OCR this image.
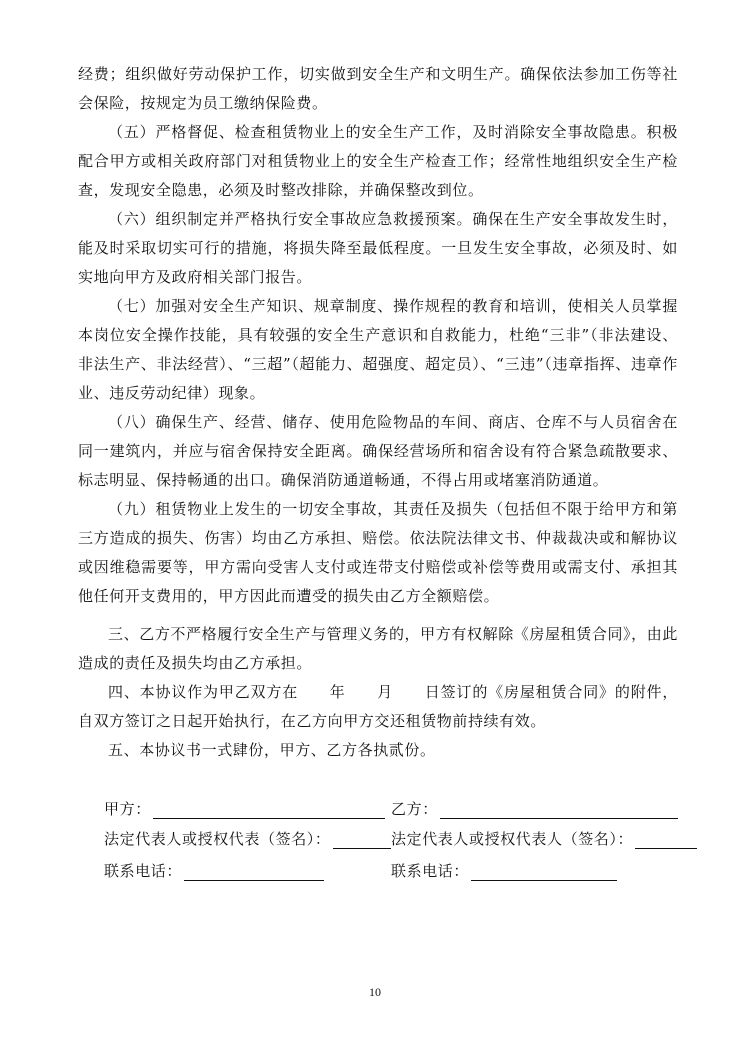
经费；组织做好劳动保护工作，切实做到安全生产和文明生产。确保依法参加工伤等社会保险，按规定为员工缴纳保险费。

（五）严格督促、检查租赁物业上的安全生产工作，及时消除安全事故隐患。积极配合甲方或相关政府部门对租赁物业上的安全生产检查工作；经常性地组织安全生产检查，发现安全隐患，必须及时整改排除，并确保整改到位。

（六）组织制定并严格执行安全事故应急救援预案。确保在生产安全事故发生时，能及时采取切实可行的措施，将损失降至最低程度。一旦发生安全事故，必须及时、如实地向甲方及政府相关部门报告。

（七）加强对安全生产知识、规章制度、操作规程的教育和培训，使相关人员掌握本岗位安全操作技能，具有较强的安全生产意识和自救能力，杜绝“三非”（非法建设、非法生产、非法经营）、“三超”（超能力、超强度、超定员）、“三违”（违章指挥、违章作业、违反劳动纪律）现象。

（八）确保生产、经营、储存、使用危险物品的车间、商店、仓库不与人员宿舍在同一建筑内，并应与宿舍保持安全距离。确保经营场所和宿舍设有符合紧急疏散要求、标志明显、保持畅通的出口。确保消防通道畅通，不得占用或堵塞消防通道。

（九）租赁物业上发生的一切安全事故，其责任及损失（包括但不限于给甲方和第三方造成的损失、伤害）均由乙方承担、赔偿。依法院法律文书、仲裁裁决或和解协议或因维稳需要等，甲方需向受害人支付或连带支付赔偿或补偿等费用或需支付、承担其他任何开支费用的，甲方因此而遭受的损失由乙方全额赔偿。

三、乙方不严格履行安全生产与管理义务的，甲方有权解除《房屋租赁合同》，由此造成的责任及损失均由乙方承担。

四、本协议作为甲乙双方在　　年　　月　　日签订的《房屋租赁合同》的附件，自双方签订之日起开始执行，在乙方向甲方交还租赁物前持续有效。

五、本协议书一式肆份，甲方、乙方各执贰份。

甲方：	乙方：
法定代表人或授权代表（签名）：	法定代表人或授权代表人（签名）：
联系电话：	联系电话：
10
